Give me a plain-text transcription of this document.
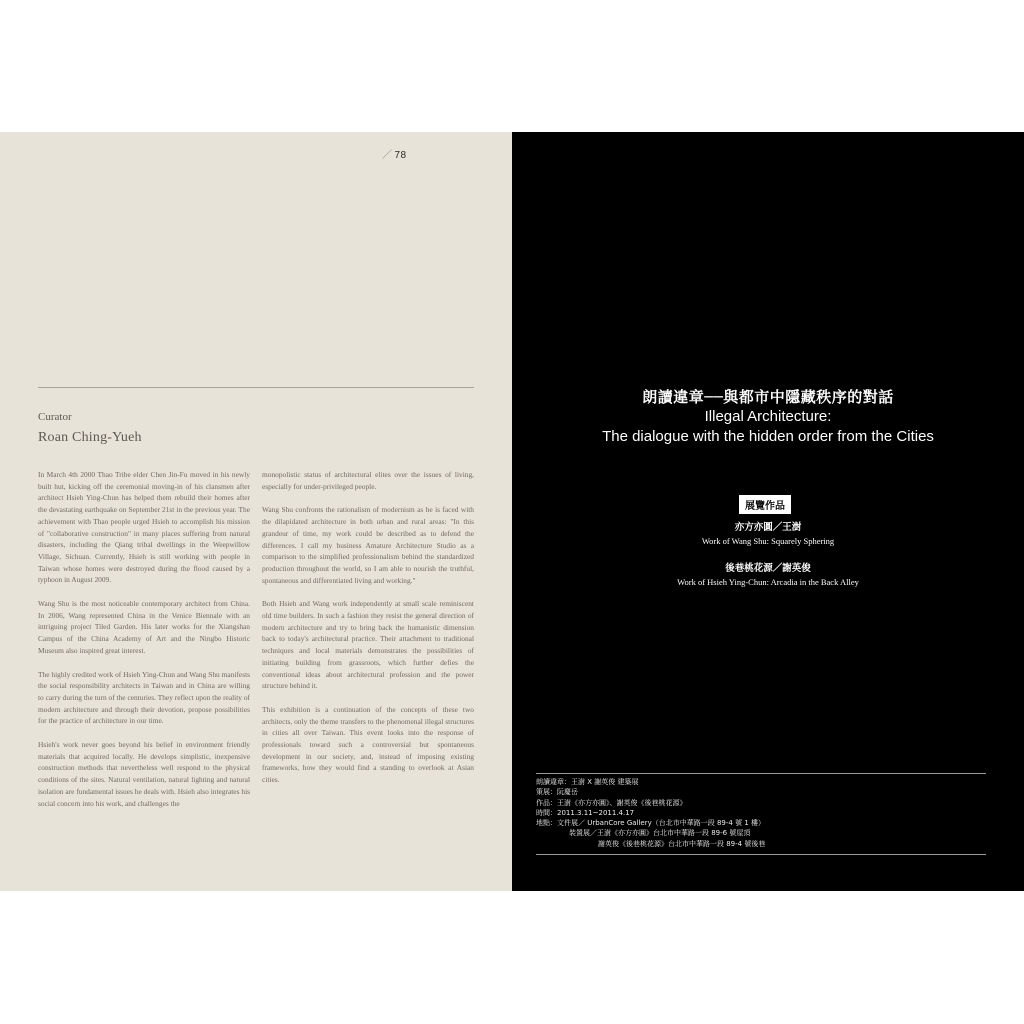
／ 78
Curator
Roan Ching-Yueh

In March 4th 2000 Thao Tribe elder Chen Jin-Fu moved in his newly built hut, kicking off the ceremonial moving-in of his clansmen after architect Hsieh Ying-Chun has helped them rebuild their homes after the devastating earthquake on September 21st in the previous year. The achievement with Thao people urged Hsieh to accomplish his mission of "collaborative construction" in many places suffering from natural disasters, including the Qiang tribal dwellings in the Weepwillow Village, Sichuan. Currently, Hsieh is still working with people in Taiwan whose homes were destroyed during the flood caused by a typhoon in August 2009.

Wang Shu is the most noticeable contemporary architect from China. In 2006, Wang represented China in the Venice Biennale with an intriguing project Tiled Garden. His later works for the Xiangshan Campus of the China Academy of Art and the Ningbo Historic Museum also inspired great interest.

The highly credited work of Hsieh Ying-Chun and Wang Shu manifests the social responsibility architects in Taiwan and in China are willing to carry during the turn of the centuries. They reflect upon the reality of modern architecture and through their devotion, propose possibilities for the practice of architecture in our time.

Hsieh's work never goes beyond his belief in environment friendly materials that acquired locally. He develops simplistic, inexpensive construction methods that nevertheless well respond to the physical conditions of the sites. Natural ventilation, natural lighting and natural isolation are fundamental issues he deals with. Hsieh also integrates his social concern into his work, and challenges the

monopolistic status of architectural elites over the issues of living, especially for under-privileged people.

Wang Shu confronts the rationalism of modernism as he is faced with the dilapidated architecture in both urban and rural areas: "In this grandeur of time, my work could be described as to defend the differences. I call my business Amature Architecture Studio as a comparison to the simplified professionalism behind the standardized production throughout the world, so I am able to nourish the truthful, spontaneous and differentiated living and working."

Both Hsieh and Wang work independently at small scale reminiscent old time builders. In such a fashion they resist the general direction of modern architecture and try to bring back the humanistic dimension back to today's architectural practice. Their attachment to traditional techniques and local materials demonstrates the possibilities of initiating building from grassroots, which further defies the conventional ideas about architectural profession and the power structure behind it.

This exhibition is a continuation of the concepts of these two architects, only the theme transfers to the phenomenal illegal structures in cities all over Taiwan. This event looks into the response of professionals toward such a controversial but spontaneous development in our society, and, instead of imposing existing frameworks, how they would find a standing to overlook at Asian cities.

朗讀違章──與都市中隱藏秩序的對話
Illegal Architecture:
The dialogue with the hidden order from the Cities
展覽作品
亦方亦圓／王澍
Work of Wang Shu: Squarely Sphering
後巷桃花源／謝英俊
Work of Hsieh Ying-Chun: Arcadia in the Back Alley
朗讀違章：王澍 X 謝英俊 建築展
策展：阮慶岳
作品：王澍《亦方亦圓》、謝英俊《後巷桃花源》
時間：2011.3.11~2011.4.17
地點：文件展／ UrbanCore Gallery（台北市中華路一段 89-4 號 1 樓）
裝置展／王澍《亦方亦圓》台北市中華路一段 89-6 號屋頂
謝英俊《後巷桃花源》台北市中華路一段 89-4 號後巷
